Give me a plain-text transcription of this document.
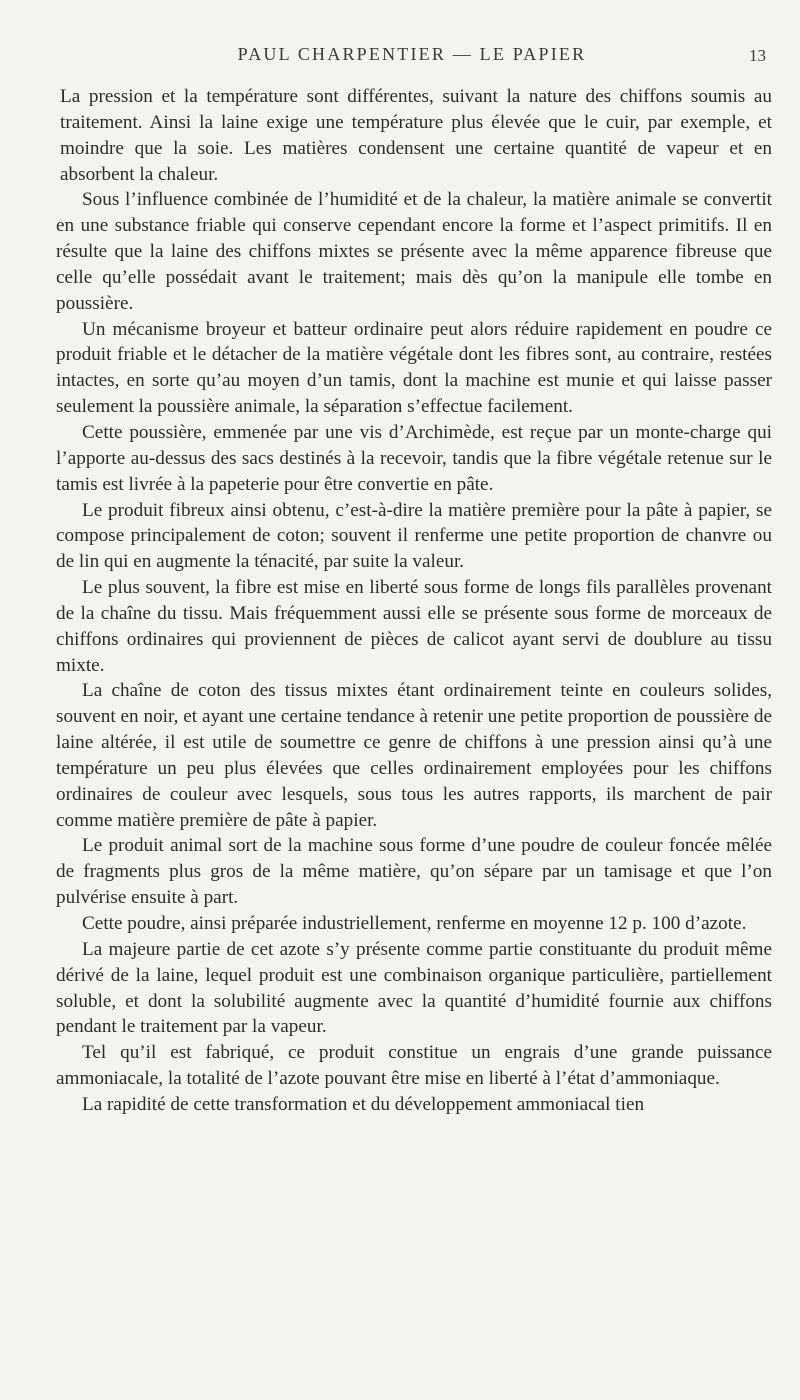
PAUL CHARPENTIER — LE PAPIER	13

La pression et la température sont différentes, suivant la nature des chiffons soumis au traitement. Ainsi la laine exige une température plus élevée que le cuir, par exemple, et moindre que la soie. Les matières condensent une certaine quantité de vapeur et en absorbent la chaleur.

Sous l’influence combinée de l’humidité et de la chaleur, la matière animale se convertit en une substance friable qui conserve cependant encore la forme et l’aspect primitifs. Il en résulte que la laine des chiffons mixtes se présente avec la même apparence fibreuse que celle qu’elle possédait avant le traitement; mais dès qu’on la manipule elle tombe en poussière.

Un mécanisme broyeur et batteur ordinaire peut alors réduire rapidement en poudre ce produit friable et le détacher de la matière végétale dont les fibres sont, au contraire, restées intactes, en sorte qu’au moyen d’un tamis, dont la machine est munie et qui laisse passer seulement la poussière animale, la séparation s’effectue facilement.

Cette poussière, emmenée par une vis d’Archimède, est reçue par un monte-charge qui l’apporte au-dessus des sacs destinés à la recevoir, tandis que la fibre végétale retenue sur le tamis est livrée à la papeterie pour être convertie en pâte.

Le produit fibreux ainsi obtenu, c’est-à-dire la matière première pour la pâte à papier, se compose principalement de coton; souvent il renferme une petite proportion de chanvre ou de lin qui en augmente la ténacité, par suite la valeur.

Le plus souvent, la fibre est mise en liberté sous forme de longs fils parallèles provenant de la chaîne du tissu. Mais fréquemment aussi elle se présente sous forme de morceaux de chiffons ordinaires qui proviennent de pièces de calicot ayant servi de doublure au tissu mixte.

La chaîne de coton des tissus mixtes étant ordinairement teinte en couleurs solides, souvent en noir, et ayant une certaine tendance à retenir une petite proportion de poussière de laine altérée, il est utile de soumettre ce genre de chiffons à une pression ainsi qu’à une température un peu plus élevées que celles ordinairement employées pour les chiffons ordinaires de couleur avec lesquels, sous tous les autres rapports, ils marchent de pair comme matière première de pâte à papier.

Le produit animal sort de la machine sous forme d’une poudre de couleur foncée mêlée de fragments plus gros de la même matière, qu’on sépare par un tamisage et que l’on pulvérise ensuite à part.

Cette poudre, ainsi préparée industriellement, renferme en moyenne 12 p. 100 d’azote.

La majeure partie de cet azote s’y présente comme partie constituante du produit même dérivé de la laine, lequel produit est une combinaison organique particulière, partiellement soluble, et dont la solubilité augmente avec la quantité d’humidité fournie aux chiffons pendant le traitement par la vapeur.

Tel qu’il est fabriqué, ce produit constitue un engrais d’une grande puissance ammoniacale, la totalité de l’azote pouvant être mise en liberté à l’état d’ammoniaque.

La rapidité de cette transformation et du développement ammoniacal tien
